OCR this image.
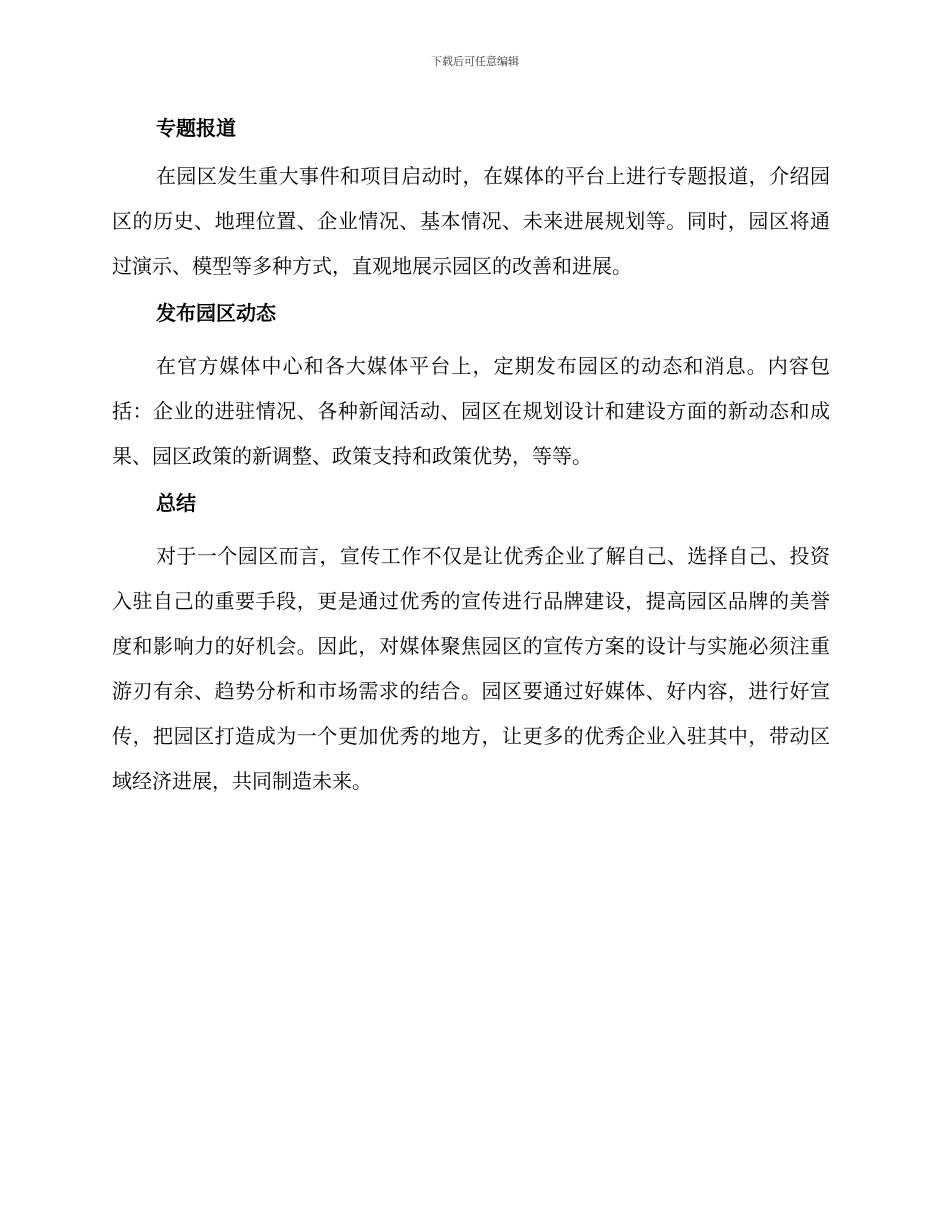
下载后可任意编辑
专题报道

在园区发生重大事件和项目启动时，在媒体的平台上进行专题报道，介绍园区的历史、地理位置、企业情况、基本情况、未来进展规划等。同时，园区将通过演示、模型等多种方式，直观地展示园区的改善和进展。

发布园区动态

在官方媒体中心和各大媒体平台上，定期发布园区的动态和消息。内容包括：企业的进驻情况、各种新闻活动、园区在规划设计和建设方面的新动态和成果、园区政策的新调整、政策支持和政策优势，等等。

总结

对于一个园区而言，宣传工作不仅是让优秀企业了解自己、选择自己、投资入驻自己的重要手段，更是通过优秀的宣传进行品牌建设，提高园区品牌的美誉度和影响力的好机会。因此，对媒体聚焦园区的宣传方案的设计与实施必须注重游刃有余、趋势分析和市场需求的结合。园区要通过好媒体、好内容，进行好宣传，把园区打造成为一个更加优秀的地方，让更多的优秀企业入驻其中，带动区域经济进展，共同制造未来。
